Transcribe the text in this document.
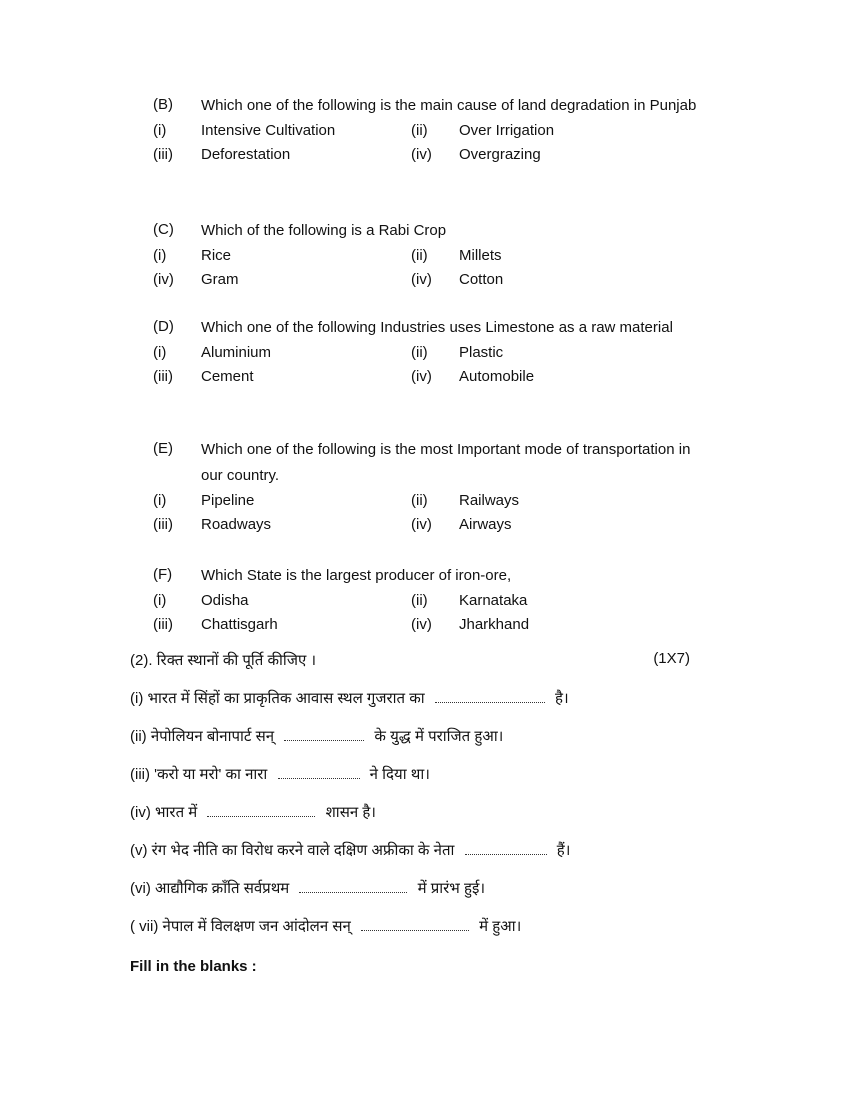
(B)	Which one of the following is the main cause of land degradation in Punjab
(i)	Intensive Cultivation	(ii)	Over Irrigation
(iii)	Deforestation	(iv)	Overgrazing
(C)	Which of the following is a Rabi Crop
(i)	Rice	(ii)	Millets
(iv)	Gram	(iv)	Cotton
(D)	Which one of the following Industries uses Limestone as a raw material
(i)	Aluminium	(ii)	Plastic
(iii)	Cement	(iv)	Automobile
(E)	Which one of the following is the most Important mode of transportation in our country.
(i)	Pipeline	(ii)	Railways
(iii)	Roadways	(iv)	Airways
(F)	Which State is the largest producer of iron-ore,
(i)	Odisha	(ii)	Karnataka
(iii)	Chattisgarh	(iv)	Jharkhand
(2). रिक्त स्थानों की पूर्ति कीजिए ।	(1X7)
(i) भारत में सिंहों का प्राकृतिक आवास स्थल गुजरात का	है।
(ii) नेपोलियन बोनापार्ट सन्	के युद्ध में पराजित हुआ।
(iii) 'करो या मरो' का नारा	ने दिया था।
(iv) भारत में	शासन है।
(v) रंग भेद नीति का विरोध करने वाले दक्षिण अफ्रीका के नेता	हैं।
(vi) आद्यौगिक क्राँति सर्वप्रथम	में प्रारंभ हुई।
( vii) नेपाल में विलक्षण जन आंदोलन सन्	में हुआ।
Fill in the blanks :
